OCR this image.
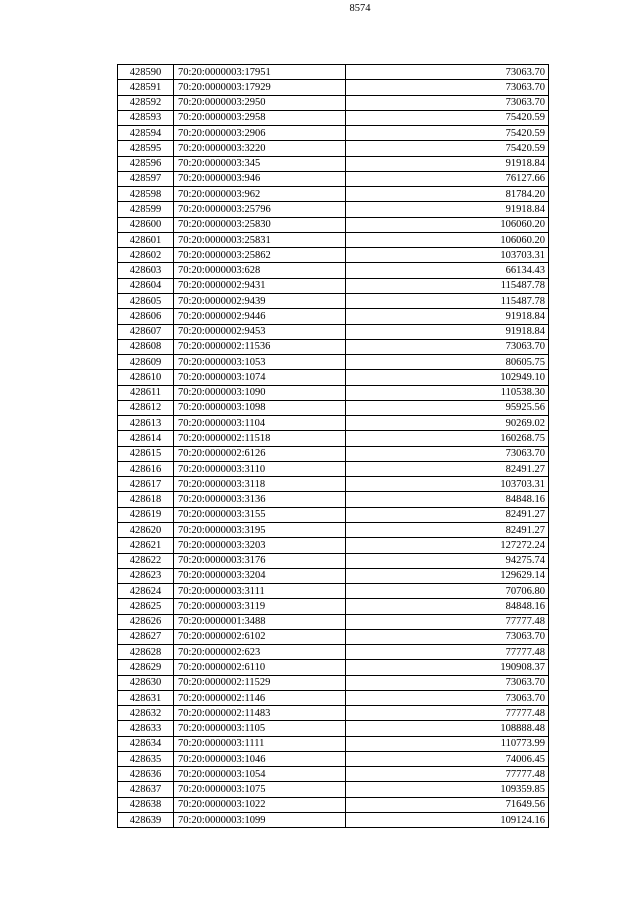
8574
428590	70:20:0000003:17951	73063.70
428591	70:20:0000003:17929	73063.70
428592	70:20:0000003:2950	73063.70
428593	70:20:0000003:2958	75420.59
428594	70:20:0000003:2906	75420.59
428595	70:20:0000003:3220	75420.59
428596	70:20:0000003:345	91918.84
428597	70:20:0000003:946	76127.66
428598	70:20:0000003:962	81784.20
428599	70:20:0000003:25796	91918.84
428600	70:20:0000003:25830	106060.20
428601	70:20:0000003:25831	106060.20
428602	70:20:0000003:25862	103703.31
428603	70:20:0000003:628	66134.43
428604	70:20:0000002:9431	115487.78
428605	70:20:0000002:9439	115487.78
428606	70:20:0000002:9446	91918.84
428607	70:20:0000002:9453	91918.84
428608	70:20:0000002:11536	73063.70
428609	70:20:0000003:1053	80605.75
428610	70:20:0000003:1074	102949.10
428611	70:20:0000003:1090	110538.30
428612	70:20:0000003:1098	95925.56
428613	70:20:0000003:1104	90269.02
428614	70:20:0000002:11518	160268.75
428615	70:20:0000002:6126	73063.70
428616	70:20:0000003:3110	82491.27
428617	70:20:0000003:3118	103703.31
428618	70:20:0000003:3136	84848.16
428619	70:20:0000003:3155	82491.27
428620	70:20:0000003:3195	82491.27
428621	70:20:0000003:3203	127272.24
428622	70:20:0000003:3176	94275.74
428623	70:20:0000003:3204	129629.14
428624	70:20:0000003:3111	70706.80
428625	70:20:0000003:3119	84848.16
428626	70:20:0000001:3488	77777.48
428627	70:20:0000002:6102	73063.70
428628	70:20:0000002:623	77777.48
428629	70:20:0000002:6110	190908.37
428630	70:20:0000002:11529	73063.70
428631	70:20:0000002:1146	73063.70
428632	70:20:0000002:11483	77777.48
428633	70:20:0000003:1105	108888.48
428634	70:20:0000003:1111	110773.99
428635	70:20:0000003:1046	74006.45
428636	70:20:0000003:1054	77777.48
428637	70:20:0000003:1075	109359.85
428638	70:20:0000003:1022	71649.56
428639	70:20:0000003:1099	109124.16
